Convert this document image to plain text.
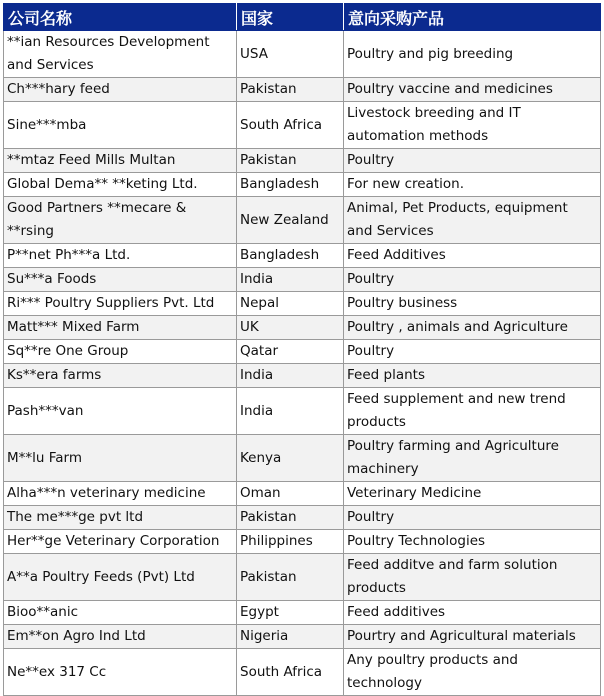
公司名称	国家	意向采购产品
**ian Resources Development and Services	USA	Poultry and pig breeding
Ch***hary feed	Pakistan	Poultry vaccine and medicines
Sine***mba	South Africa	Livestock breeding and IT automation methods
**mtaz Feed Mills Multan	Pakistan	Poultry
Global Dema** **keting Ltd.	Bangladesh	For new creation.
Good Partners **mecare & **rsing	New Zealand	Animal, Pet Products, equipment and Services
P**net Ph***a Ltd.	Bangladesh	Feed Additives
Su***a Foods	India	Poultry
Ri*** Poultry Suppliers Pvt. Ltd	Nepal	Poultry business
Matt*** Mixed Farm	UK	Poultry , animals and Agriculture
Sq**re One Group	Qatar	Poultry
Ks**era farms	India	Feed plants
Pash***van	India	Feed supplement and new trend products
M**lu Farm	Kenya	Poultry farming and Agriculture machinery
Alha***n veterinary medicine	Oman	Veterinary Medicine
The me***ge pvt ltd	Pakistan	Poultry
Her**ge Veterinary Corporation	Philippines	Poultry Technologies
A**a Poultry Feeds (Pvt) Ltd	Pakistan	Feed additve and farm solution products
Bioo**anic	Egypt	Feed additives
Em**on Agro Ind Ltd	Nigeria	Pourtry and Agricultural materials
Ne**ex 317 Cc	South Africa	Any poultry products and technology
